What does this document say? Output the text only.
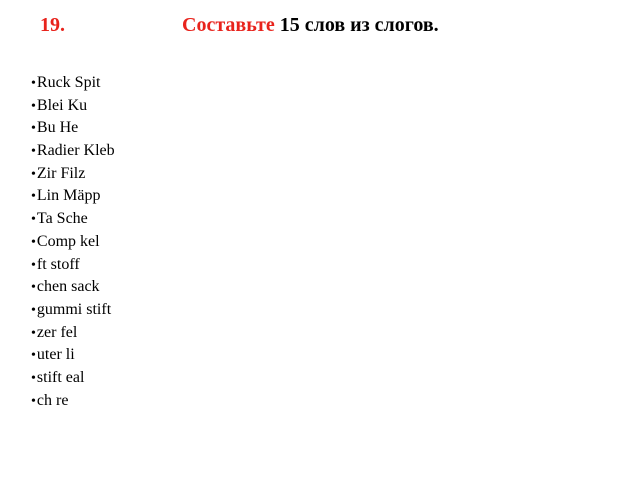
19.	Составьте 15 слов из слогов.
•Ruck Spit
•Blei Ku
•Bu He
•Radier Kleb
•Zir Filz
•Lin Mäpp
•Ta Sche
•Comp kel
•ft stoff
•chen sack
•gummi stift
•zer fel
•uter li
•stift eal
•ch re
